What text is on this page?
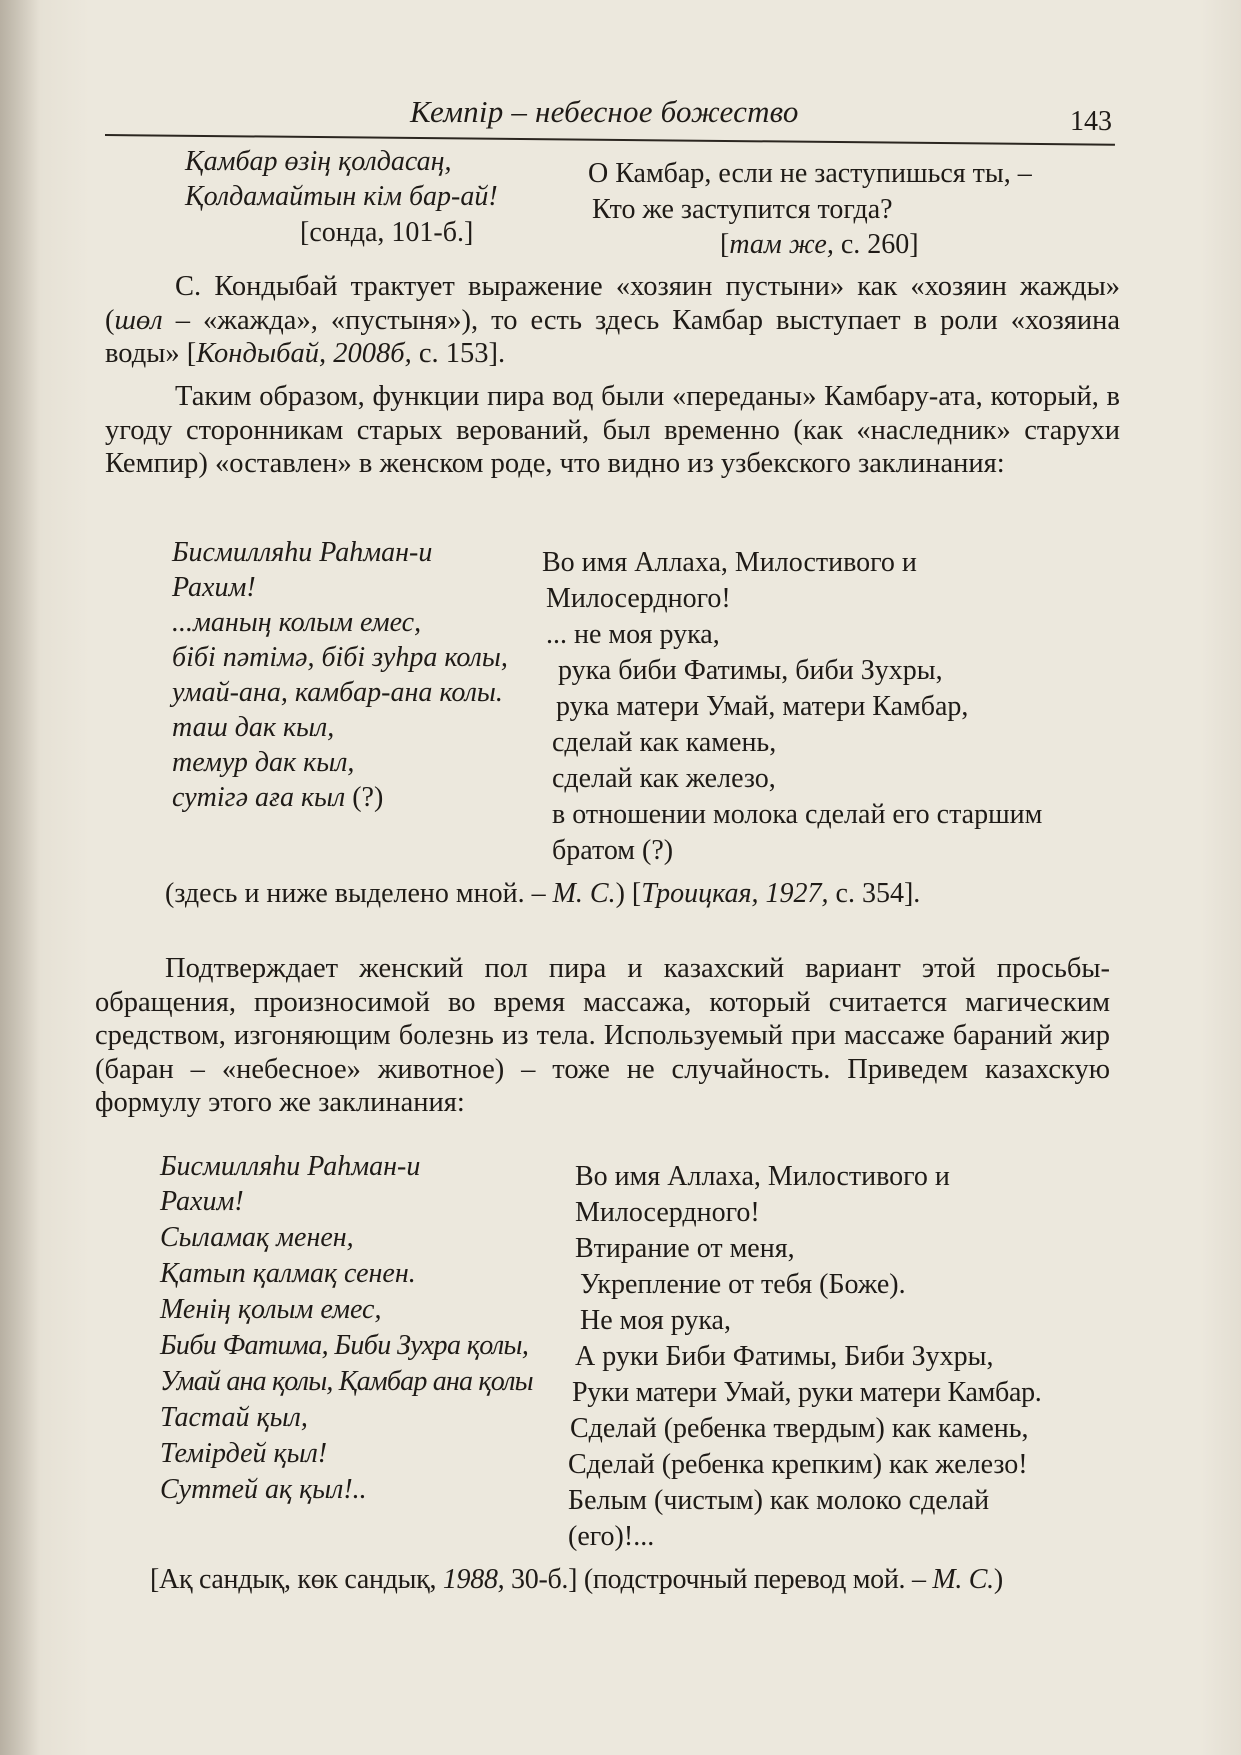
Кемпір – небесное божество	143
Қамбар өзің қолдасаң,
Қолдамайтын кім бар-ай!
[сонда, 101-б.]
О Камбар, если не заступишься ты, –
Кто же заступится тогда?
[там же, с. 260]

С. Кондыбай трактует выражение «хозяин пустыни» как «хозяин жажды» (шөл – «жажда», «пустыня»), то есть здесь Камбар выступает в роли «хозяина воды» [Кондыбай, 2008б, с. 153].

Таким образом, функции пира вод были «переданы» Камбару-ата, который, в угоду сторонникам старых верований, был временно (как «наследник» старухи Кемпир) «оставлен» в женском роде, что видно из узбекского заклинания:

Бисмилляhи Раhман-и
Рахим!
...маның колым емес,
бібі пәтімә, бібі зуhра колы,
умай-ана, камбар-ана колы.
таш дак кыл,
темур дак кыл,
сутігә аға кыл (?)
Во имя Аллаха, Милостивого и
Милосердного!
... не моя рука,
рука биби Фатимы, биби Зухры,
рука матери Умай, матери Камбар,
сделай как камень,
сделай как железо,
в отношении молока сделай его старшим
братом (?)
(здесь и ниже выделено мной. – М. С.) [Троицкая, 1927, с. 354].

Подтверждает женский пол пира и казахский вариант этой просьбы-обращения, произносимой во время массажа, который считается магическим средством, изгоняющим болезнь из тела. Используемый при массаже бараний жир (баран – «небесное» животное) – тоже не случайность. Приведем казахскую формулу этого же заклинания:

Бисмилляhи Раhман-и
Рахим!
Сыламақ менен,
Қатып қалмақ сенен.
Менің қолым емес,
Биби Фатима, Биби Зухра қолы,
Умай ана қолы, Қамбар ана қолы
Тастай қыл,
Темірдей қыл!
Суттей ақ қыл!..
Во имя Аллаха, Милостивого и
Милосердного!
Втирание от меня,
Укрепление от тебя (Боже).
Не моя рука,
А руки Биби Фатимы, Биби Зухры,
Руки матери Умай, руки матери Камбар.
Сделай (ребенка твердым) как камень,
Сделай (ребенка крепким) как железо!
Белым (чистым) как молоко сделай
(его)!...
[Ақ сандық, көк сандық, 1988, 30-б.] (подстрочный перевод мой. – М. С.)
